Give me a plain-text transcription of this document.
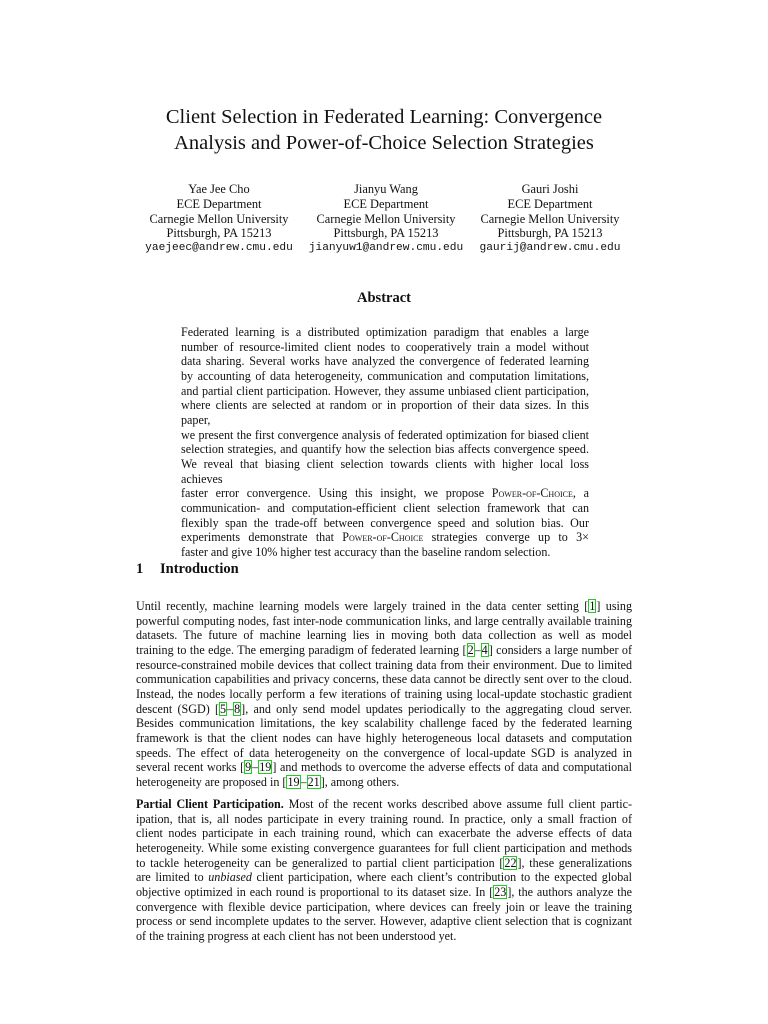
Client Selection in Federated Learning: Convergence
Analysis and Power-of-Choice Selection Strategies
Yae Jee Cho
ECE Department
Carnegie Mellon University
Pittsburgh, PA 15213
yaejeec@andrew.cmu.edu
Jianyu Wang
ECE Department
Carnegie Mellon University
Pittsburgh, PA 15213
jianyuw1@andrew.cmu.edu
Gauri Joshi
ECE Department
Carnegie Mellon University
Pittsburgh, PA 15213
gaurij@andrew.cmu.edu
Abstract

Federated learning is a distributed optimization paradigm that enables a large
number of resource-limited client nodes to cooperatively train a model without
data sharing. Several works have analyzed the convergence of federated learning
by accounting of data heterogeneity, communication and computation limitations,
and partial client participation. However, they assume unbiased client participation,
where clients are selected at random or in proportion of their data sizes. In this paper,
we present the first convergence analysis of federated optimization for biased client
selection strategies, and quantify how the selection bias affects convergence speed.
We reveal that biasing client selection towards clients with higher local loss achieves
faster error convergence. Using this insight, we propose Power-of-Choice, a
communication- and computation-efficient client selection framework that can
flexibly span the trade-off between convergence speed and solution bias. Our
experiments demonstrate that Power-of-Choice strategies converge up to 3×
faster and give 10% higher test accuracy than the baseline random selection.

1 Introduction

Until recently, machine learning models were largely trained in the data center setting [1] using
powerful computing nodes, fast inter-node communication links, and large centrally available training
datasets. The future of machine learning lies in moving both data collection as well as model
training to the edge. The emerging paradigm of federated learning [2–4] considers a large number of
resource-constrained mobile devices that collect training data from their environment. Due to limited
communication capabilities and privacy concerns, these data cannot be directly sent over to the cloud.
Instead, the nodes locally perform a few iterations of training using local-update stochastic gradient
descent (SGD) [5–8], and only send model updates periodically to the aggregating cloud server.
Besides communication limitations, the key scalability challenge faced by the federated learning
framework is that the client nodes can have highly heterogeneous local datasets and computation
speeds. The effect of data heterogeneity on the convergence of local-update SGD is analyzed in
several recent works [9–19] and methods to overcome the adverse effects of data and computational
heterogeneity are proposed in [19–21], among others.

Partial Client Participation. Most of the recent works described above assume full client partic-
ipation, that is, all nodes participate in every training round. In practice, only a small fraction of
client nodes participate in each training round, which can exacerbate the adverse effects of data
heterogeneity. While some existing convergence guarantees for full client participation and methods
to tackle heterogeneity can be generalized to partial client participation [22], these generalizations
are limited to unbiased client participation, where each client’s contribution to the expected global
objective optimized in each round is proportional to its dataset size. In [23], the authors analyze the
convergence with flexible device participation, where devices can freely join or leave the training
process or send incomplete updates to the server. However, adaptive client selection that is cognizant
of the training progress at each client has not been understood yet.
